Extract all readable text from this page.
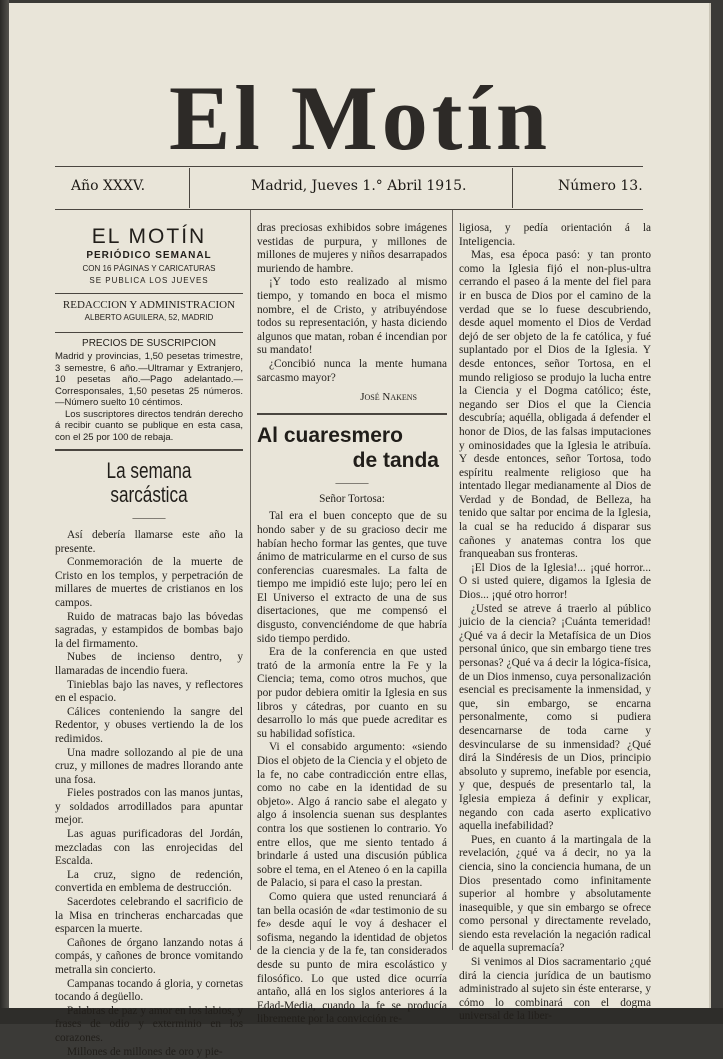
El Motín
Año XXXV.	Madrid, Jueves 1.° Abril 1915.	Número 13.
EL MOTÍN
PERIÓDICO SEMANAL
CON 16 PÁGINAS Y CARICATURAS
SE PUBLICA LOS JUEVES
REDACCION Y ADMINISTRACION
ALBERTO AGUILERA, 52, MADRID
PRECIOS DE SUSCRIPCION
Madrid y provincias, 1,50 pesetas trimestre, 3 semestre, 6 año.—Ultramar y Extranjero, 10 pesetas año.—Pago adelantado.—Corresponsales, 1,50 pesetas 25 números.—Número suelto 10 céntimos.
Los suscriptores directos tendrán derecho á recibir cuanto se publique en esta casa, con el 25 por 100 de rebaja.
La semana sarcástica
———

Así debería llamarse este año la presente.

Conmemoración de la muerte de Cristo en los templos, y perpetración de millares de muertes de cristianos en los campos.

Ruido de matracas bajo las bóvedas sagradas, y estampidos de bombas bajo la del firmamento.

Nubes de incienso dentro, y llamaradas de incendio fuera.

Tinieblas bajo las naves, y reflectores en el espacio.

Cálices conteniendo la sangre del Redentor, y obuses vertiendo la de los redimidos.

Una madre sollozando al pie de una cruz, y millones de madres llorando ante una fosa.

Fieles postrados con las manos juntas, y soldados arrodillados para apuntar mejor.

Las aguas purificadoras del Jordán, mezcladas con las enrojecidas del Escalda.

La cruz, signo de redención, convertida en emblema de destrucción.

Sacerdotes celebrando el sacrificio de la Misa en trincheras encharcadas que esparcen la muerte.

Cañones de órgano lanzando notas á compás, y cañones de bronce vomitando metralla sin concierto.

Campanas tocando á gloria, y cornetas tocando á degüello.

Palabras de paz y amor en los labios, y frases de odio y exterminio en los corazones.

Millones de millones de oro y pie-

dras preciosas exhibidos sobre imágenes vestidas de purpura, y millones de millones de mujeres y niños desarrapados muriendo de hambre.

¡Y todo esto realizado al mismo tiempo, y tomando en boca el mismo nombre, el de Cristo, y atribuyéndose todos su representación, y hasta diciendo algunos que matan, roban é incendian por su mandato!

¿Concibió nunca la mente humana sarcasmo mayor?

José Nakens
Al cuaresmero
de tanda
———
Señor Tortosa:

Tal era el buen concepto que de su hondo saber y de su gracioso decir me habían hecho formar las gentes, que tuve ánimo de matricularme en el curso de sus conferencias cuaresmales. La falta de tiempo me impidió este lujo; pero leí en El Universo el extracto de una de sus disertaciones, que me compensó el disgusto, convenciéndome de que habría sido tiempo perdido.

Era de la conferencia en que usted trató de la armonía entre la Fe y la Ciencia; tema, como otros muchos, que por pudor debiera omitir la Iglesia en sus libros y cátedras, por cuanto en su desarrollo lo más que puede acreditar es su habilidad sofística.

Vi el consabido argumento: «siendo Dios el objeto de la Ciencia y el objeto de la fe, no cabe contradicción entre ellas, como no cabe en la identidad de su objeto». Algo á rancio sabe el alegato y algo á insolencia suenan sus desplantes contra los que sostienen lo contrario. Yo entre ellos, que me siento tentado á brindarle á usted una discusión pública sobre el tema, en el Ateneo ó en la capilla de Palacio, si para el caso la prestan.

Como quiera que usted renunciará á tan bella ocasión de «dar testimonio de su fe» desde aquí le voy á deshacer el sofisma, negando la identidad de objetos de la ciencia y de la fe, tan considerados desde su punto de mira escolástico y filosófico. Lo que usted dice ocurría antaño, allá en los siglos anteriores á la Edad-Media, cuando la fe se producía libremente por la convicción re-

ligiosa, y pedía orientación á la Inteligencia.

Mas, esa época pasó: y tan pronto como la Iglesia fijó el non-plus-ultra cerrando el paseo á la mente del fiel para ir en busca de Dios por el camino de la verdad que se lo fuese descubriendo, desde aquel momento el Dios de Verdad dejó de ser objeto de la fe católica, y fué suplantado por el Dios de la Iglesia. Y desde entonces, señor Tortosa, en el mundo religioso se produjo la lucha entre la Ciencia y el Dogma católico; éste, negando ser Dios el que la Ciencia descubría; aquélla, obligada á defender el honor de Dios, de las falsas imputaciones y ominosidades que la Iglesia le atribuía. Y desde entonces, señor Tortosa, todo espíritu realmente religioso que ha intentado llegar medianamente al Dios de Verdad y de Bondad, de Belleza, ha tenido que saltar por encima de la Iglesia, la cual se ha reducido á disparar sus cañones y anatemas contra los que franqueaban sus fronteras.

¡El Dios de la Iglesia!... ¡qué horror... O si usted quiere, digamos la Iglesia de Dios... ¡qué otro horror!

¿Usted se atreve á traerlo al público juicio de la ciencia? ¡Cuánta temeridad! ¿Qué va á decir la Metafísica de un Dios personal único, que sin embargo tiene tres personas? ¿Qué va á decir la lógica-física, de un Dios inmenso, cuya personalización esencial es precisamente la inmensidad, y que, sin embargo, se encarna personalmente, como si pudiera desencarnarse de toda carne y desvincularse de su inmensidad? ¿Qué dirá la Sindéresis de un Dios, principio absoluto y supremo, inefable por esencia, y que, después de presentarlo tal, la Iglesia empieza á definir y explicar, negando con cada aserto explicativo aquella inefabilidad?

Pues, en cuanto á la martingala de la revelación, ¿qué va á decir, no ya la ciencia, sino la conciencia humana, de un Dios presentado como infinitamente superior al hombre y absolutamente inasequible, y que sin embargo se ofrece como personal y directamente revelado, siendo esta revelación la negación radical de aquella supremacía?

Si venimos al Dios sacramentario ¿qué dirá la ciencia jurídica de un bautismo administrado al sujeto sin éste enterarse, y cómo lo combinará con el dogma universal de la liber-
